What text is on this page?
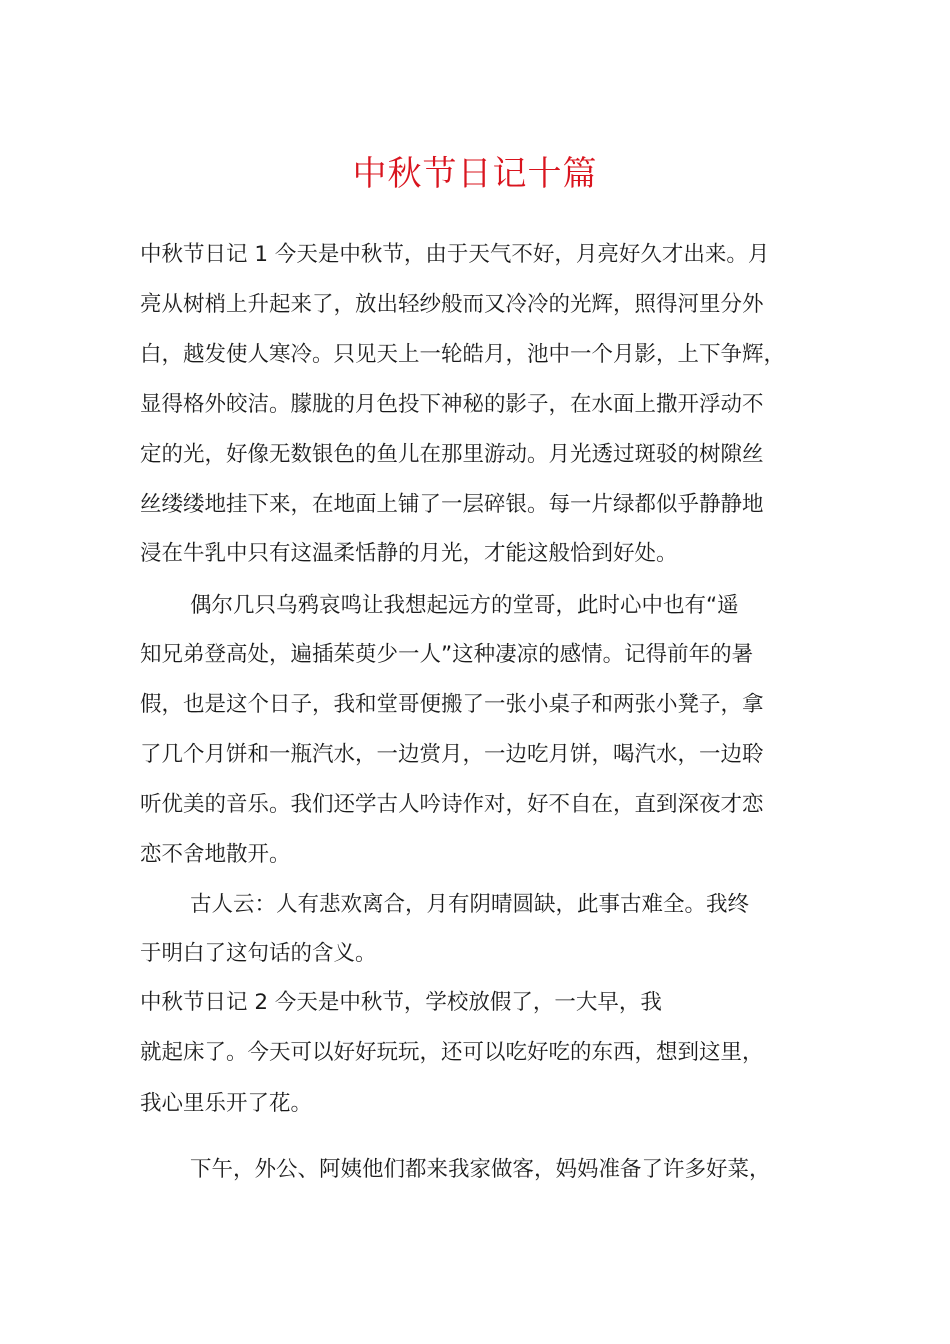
中秋节日记十篇
中秋节日记 1 今天是中秋节，由于天气不好，月亮好久才出来。月
亮从树梢上升起来了，放出轻纱般而又冷冷的光辉，照得河里分外
白，越发使人寒冷。只见天上一轮皓月，池中一个月影，上下争辉，
显得格外皎洁。朦胧的月色投下神秘的影子，在水面上撒开浮动不
定的光，好像无数银色的鱼儿在那里游动。月光透过斑驳的树隙丝
丝缕缕地挂下来，在地面上铺了一层碎银。每一片绿都似乎静静地
浸在牛乳中只有这温柔恬静的月光，才能这般恰到好处。
偶尔几只乌鸦哀鸣让我想起远方的堂哥，此时心中也有“遥
知兄弟登高处，遍插茱萸少一人”这种凄凉的感情。记得前年的暑
假，也是这个日子，我和堂哥便搬了一张小桌子和两张小凳子，拿
了几个月饼和一瓶汽水，一边赏月，一边吃月饼，喝汽水，一边聆
听优美的音乐。我们还学古人吟诗作对，好不自在，直到深夜才恋
恋不舍地散开。
古人云：人有悲欢离合，月有阴晴圆缺，此事古难全。我终
于明白了这句话的含义。
中秋节日记 2 今天是中秋节，学校放假了，一大早，我
就起床了。今天可以好好玩玩，还可以吃好吃的东西，想到这里，
我心里乐开了花。
下午，外公、阿姨他们都来我家做客，妈妈准备了许多好菜，
